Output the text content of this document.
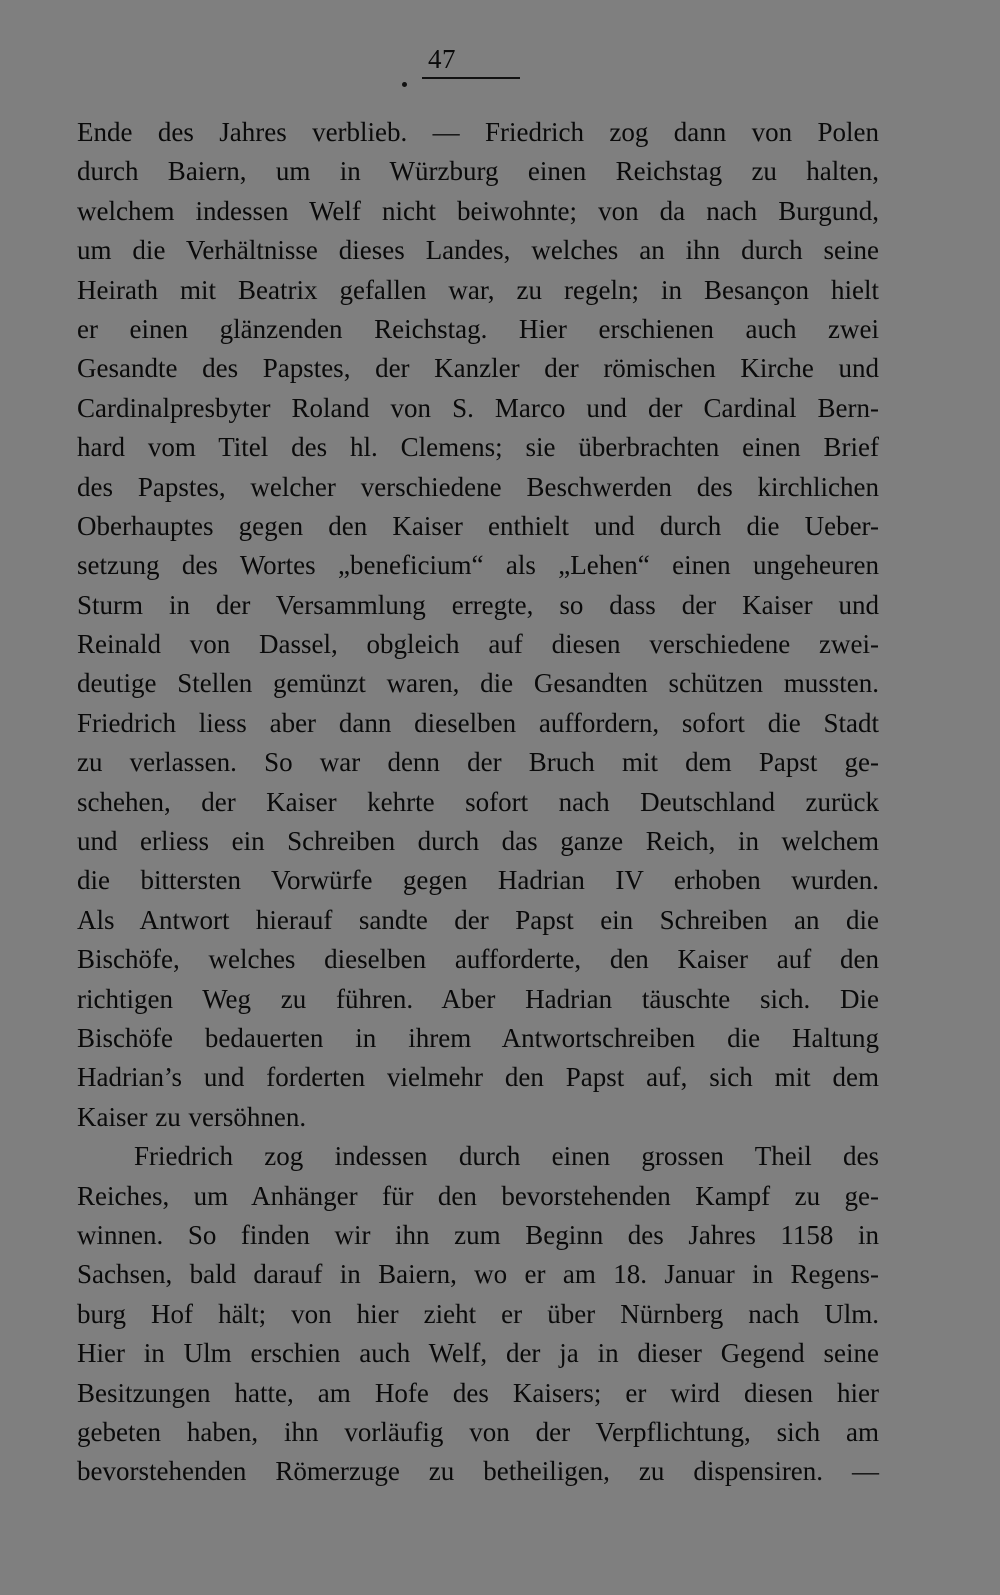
47
Ende des Jahres verblieb. — Friedrich zog dann von Polen
durch Baiern, um in Würzburg einen Reichstag zu halten,
welchem indessen Welf nicht beiwohnte; von da nach Burgund,
um die Verhältnisse dieses Landes, welches an ihn durch seine
Heirath mit Beatrix gefallen war, zu regeln; in Besançon hielt
er einen glänzenden Reichstag. Hier erschienen auch zwei
Gesandte des Papstes, der Kanzler der römischen Kirche und
Cardinalpresbyter Roland von S. Marco und der Cardinal Bern-
hard vom Titel des hl. Clemens; sie überbrachten einen Brief
des Papstes, welcher verschiedene Beschwerden des kirchlichen
Oberhauptes gegen den Kaiser enthielt und durch die Ueber-
setzung des Wortes „beneficium“ als „Lehen“ einen ungeheuren
Sturm in der Versammlung erregte, so dass der Kaiser und
Reinald von Dassel, obgleich auf diesen verschiedene zwei-
deutige Stellen gemünzt waren, die Gesandten schützen mussten.
Friedrich liess aber dann dieselben auffordern, sofort die Stadt
zu verlassen. So war denn der Bruch mit dem Papst ge-
schehen, der Kaiser kehrte sofort nach Deutschland zurück
und erliess ein Schreiben durch das ganze Reich, in welchem
die bittersten Vorwürfe gegen Hadrian IV erhoben wurden.
Als Antwort hierauf sandte der Papst ein Schreiben an die
Bischöfe, welches dieselben aufforderte, den Kaiser auf den
richtigen Weg zu führen. Aber Hadrian täuschte sich. Die
Bischöfe bedauerten in ihrem Antwortschreiben die Haltung
Hadrian’s und forderten vielmehr den Papst auf, sich mit dem
Kaiser zu versöhnen.
Friedrich zog indessen durch einen grossen Theil des
Reiches, um Anhänger für den bevorstehenden Kampf zu ge-
winnen. So finden wir ihn zum Beginn des Jahres 1158 in
Sachsen, bald darauf in Baiern, wo er am 18. Januar in Regens-
burg Hof hält; von hier zieht er über Nürnberg nach Ulm.
Hier in Ulm erschien auch Welf, der ja in dieser Gegend seine
Besitzungen hatte, am Hofe des Kaisers; er wird diesen hier
gebeten haben, ihn vorläufig von der Verpflichtung, sich am
bevorstehenden Römerzuge zu betheiligen, zu dispensiren. —
